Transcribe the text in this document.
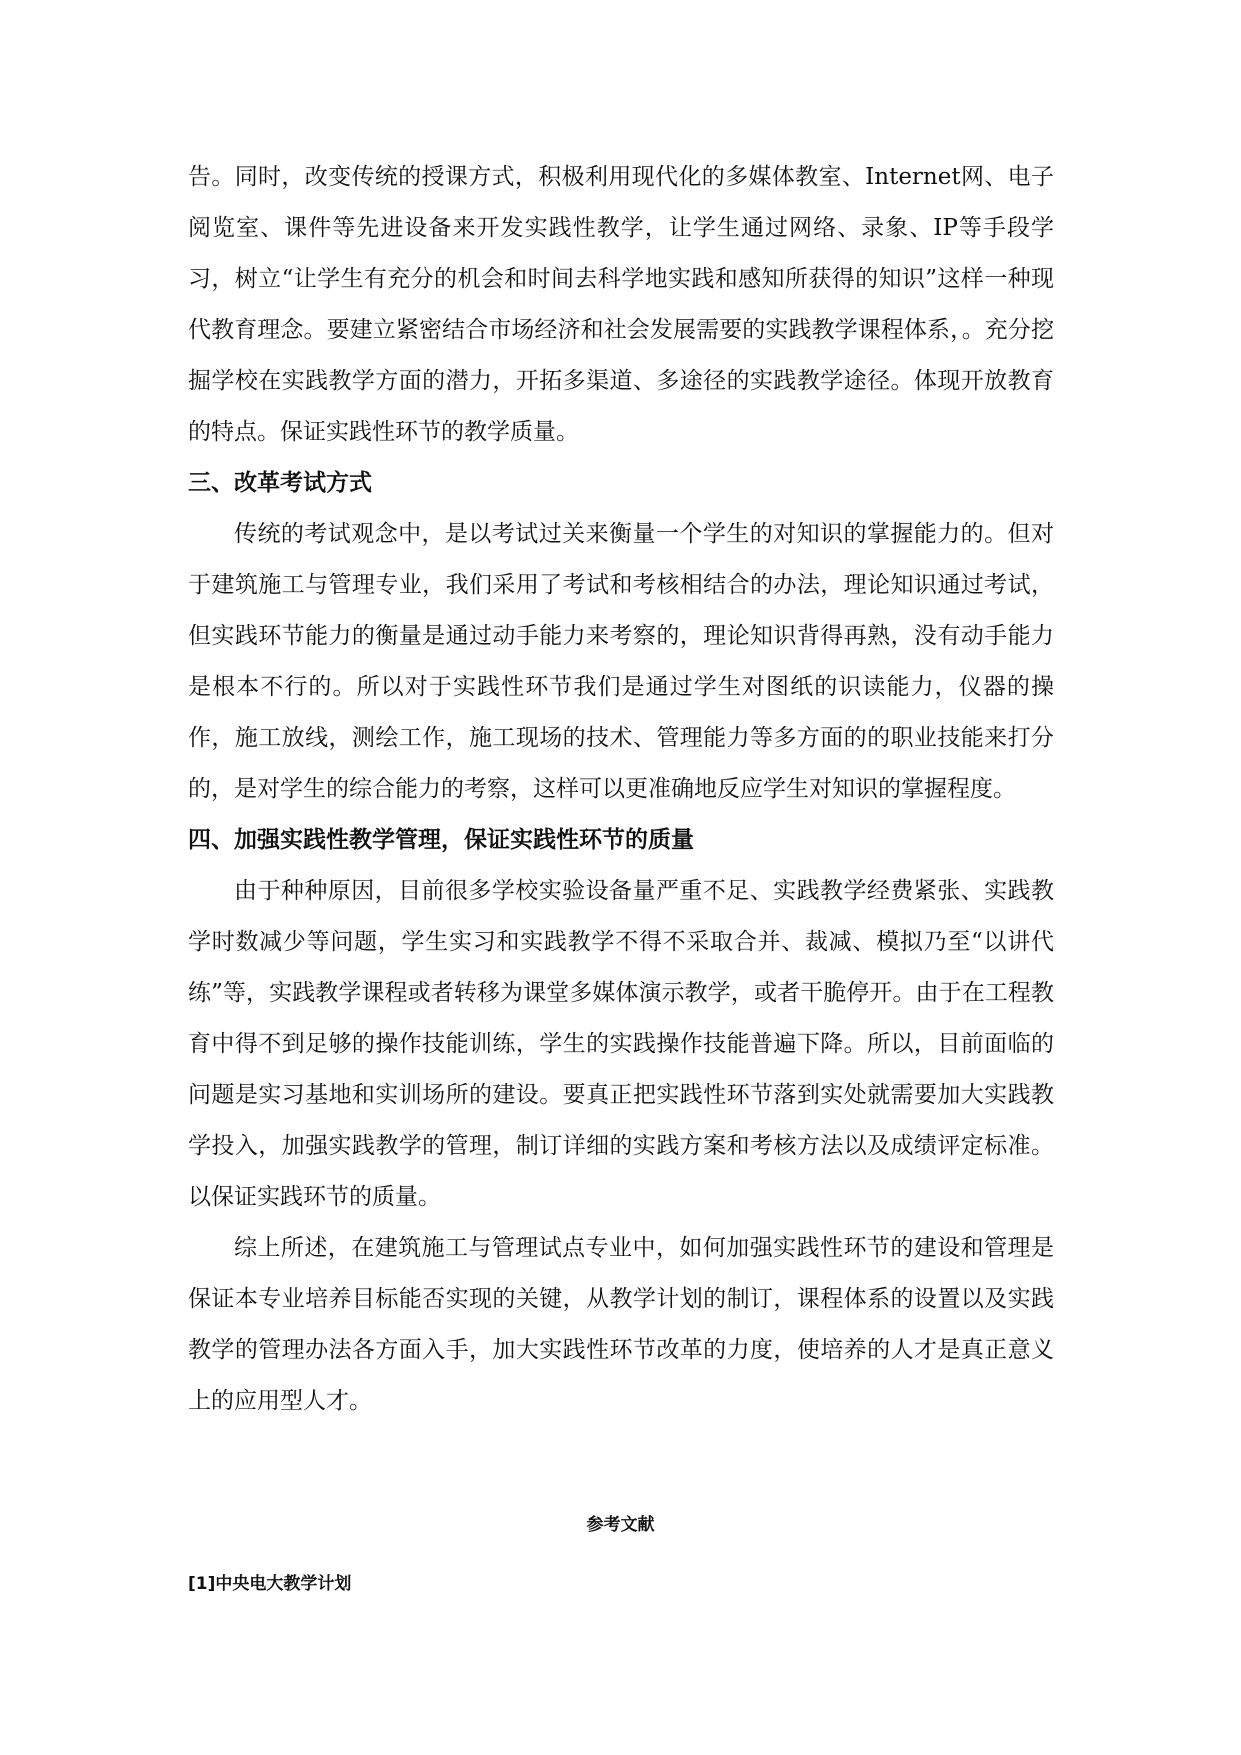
告。同时，改变传统的授课方式，积极利用现代化的多媒体教室、Internet网、电子阅览室、课件等先进设备来开发实践性教学，让学生通过网络、录象、IP等手段学习，树立“让学生有充分的机会和时间去科学地实践和感知所获得的知识”这样一种现代教育理念。要建立紧密结合市场经济和社会发展需要的实践教学课程体系，。充分挖掘学校在实践教学方面的潜力，开拓多渠道、多途径的实践教学途径。体现开放教育的特点。保证实践性环节的教学质量。

三、改革考试方式

传统的考试观念中，是以考试过关来衡量一个学生的对知识的掌握能力的。但对于建筑施工与管理专业，我们采用了考试和考核相结合的办法，理论知识通过考试，但实践环节能力的衡量是通过动手能力来考察的，理论知识背得再熟，没有动手能力是根本不行的。所以对于实践性环节我们是通过学生对图纸的识读能力，仪器的操作，施工放线，测绘工作，施工现场的技术、管理能力等多方面的的职业技能来打分的，是对学生的综合能力的考察，这样可以更准确地反应学生对知识的掌握程度。

四、加强实践性教学管理，保证实践性环节的质量

由于种种原因，目前很多学校实验设备量严重不足、实践教学经费紧张、实践教学时数减少等问题，学生实习和实践教学不得不采取合并、裁减、模拟乃至“以讲代练”等，实践教学课程或者转移为课堂多媒体演示教学，或者干脆停开。由于在工程教育中得不到足够的操作技能训练，学生的实践操作技能普遍下降。所以，目前面临的问题是实习基地和实训场所的建设。要真正把实践性环节落到实处就需要加大实践教学投入，加强实践教学的管理，制订详细的实践方案和考核方法以及成绩评定标准。以保证实践环节的质量。

综上所述，在建筑施工与管理试点专业中，如何加强实践性环节的建设和管理是保证本专业培养目标能否实现的关键，从教学计划的制订，课程体系的设置以及实践教学的管理办法各方面入手，加大实践性环节改革的力度，使培养的人才是真正意义上的应用型人才。

参考文献
[1]中央电大教学计划
